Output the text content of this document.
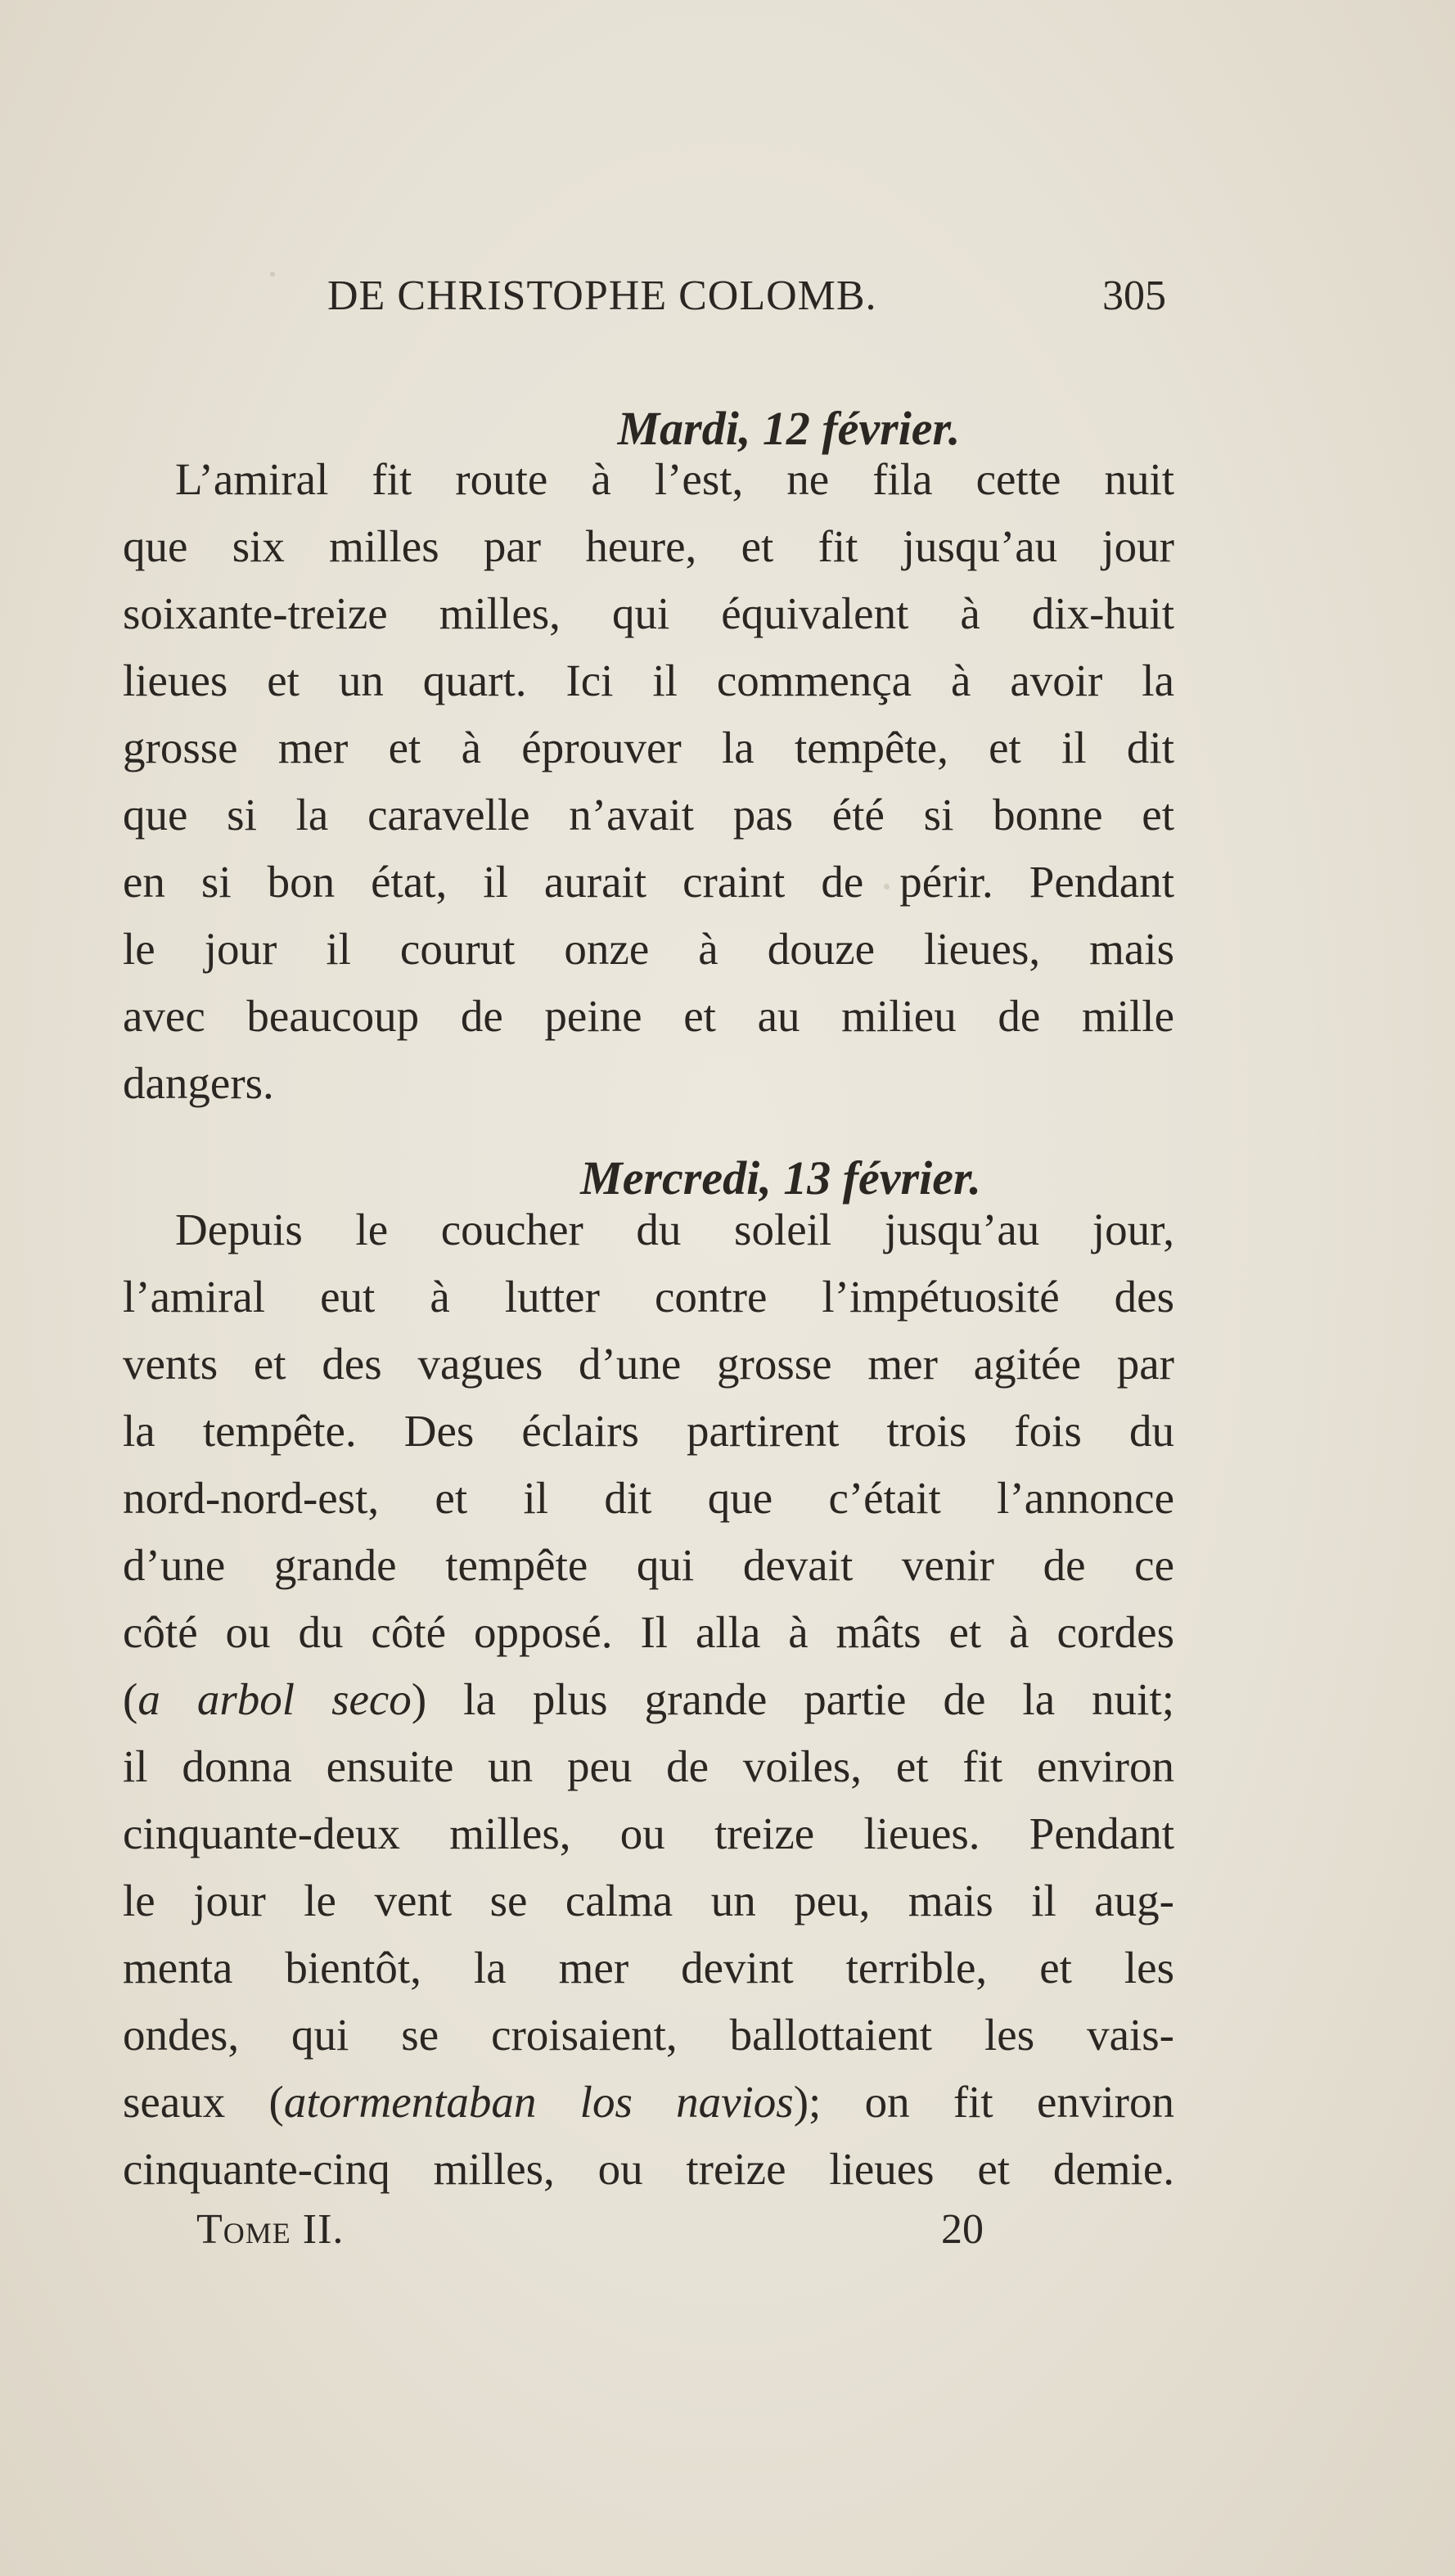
DE CHRISTOPHE COLOMB.	305
Mardi, 12 février.
L’amiral fit route à l’est, ne fila cette nuit
que six milles par heure, et fit jusqu’au jour
soixante-treize milles, qui équivalent à dix-huit
lieues et un quart. Ici il commença à avoir la
grosse mer et à éprouver la tempête, et il dit
que si la caravelle n’avait pas été si bonne et
en si bon état, il aurait craint de périr. Pendant
le jour il courut onze à douze lieues, mais
avec beaucoup de peine et au milieu de mille
dangers.
Mercredi, 13 février.
Depuis le coucher du soleil jusqu’au jour,
l’amiral eut à lutter contre l’impétuosité des
vents et des vagues d’une grosse mer agitée par
la tempête. Des éclairs partirent trois fois du
nord-nord-est, et il dit que c’était l’annonce
d’une grande tempête qui devait venir de ce
côté ou du côté opposé. Il alla à mâts et à cordes
(a arbol seco) la plus grande partie de la nuit;
il donna ensuite un peu de voiles, et fit environ
cinquante-deux milles, ou treize lieues. Pendant
le jour le vent se calma un peu, mais il aug-
menta bientôt, la mer devint terrible, et les
ondes, qui se croisaient, ballottaient les vais-
seaux (atormentaban los navios); on fit environ
cinquante-cinq milles, ou treize lieues et demie.
Tome II.	20
